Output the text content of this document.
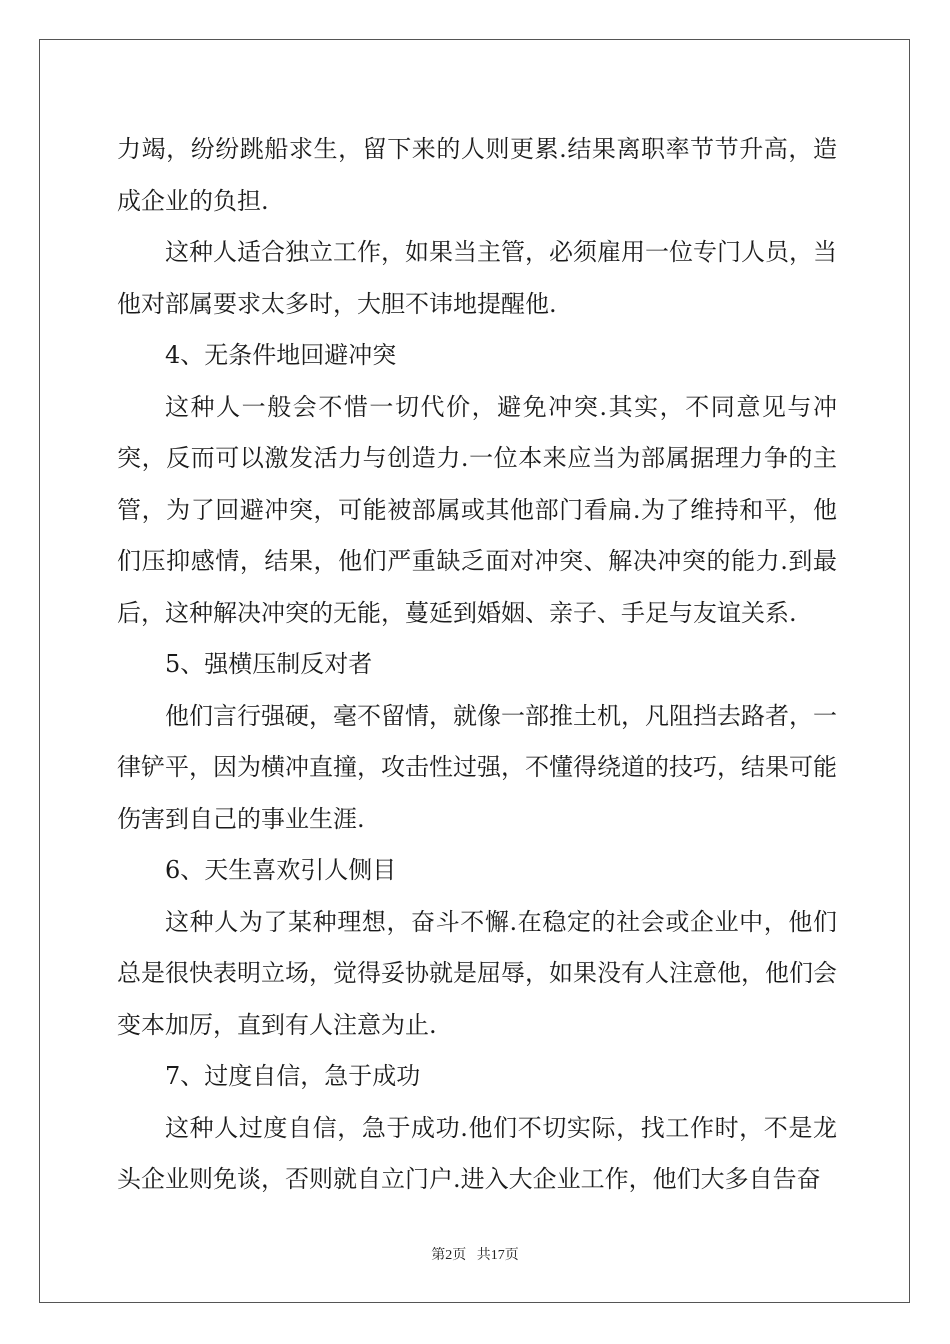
力竭，纷纷跳船求生，留下来的人则更累.结果离职率节节升高，造成企业的负担.

这种人适合独立工作，如果当主管，必须雇用一位专门人员，当他对部属要求太多时，大胆不讳地提醒他.

4、无条件地回避冲突

这种人一般会不惜一切代价，避免冲突.其实，不同意见与冲突，反而可以激发活力与创造力.一位本来应当为部属据理力争的主管，为了回避冲突，可能被部属或其他部门看扁.为了维持和平，他们压抑感情，结果，他们严重缺乏面对冲突、解决冲突的能力.到最后，这种解决冲突的无能，蔓延到婚姻、亲子、手足与友谊关系.

5、强横压制反对者

他们言行强硬，毫不留情，就像一部推土机，凡阻挡去路者，一律铲平，因为横冲直撞，攻击性过强，不懂得绕道的技巧，结果可能伤害到自己的事业生涯.

6、天生喜欢引人侧目

这种人为了某种理想，奋斗不懈.在稳定的社会或企业中，他们总是很快表明立场，觉得妥协就是屈辱，如果没有人注意他，他们会变本加厉，直到有人注意为止.

7、过度自信，急于成功

这种人过度自信，急于成功.他们不切实际，找工作时，不是龙头企业则免谈，否则就自立门户.进入大企业工作，他们大多自告奋

第2页 共17页
